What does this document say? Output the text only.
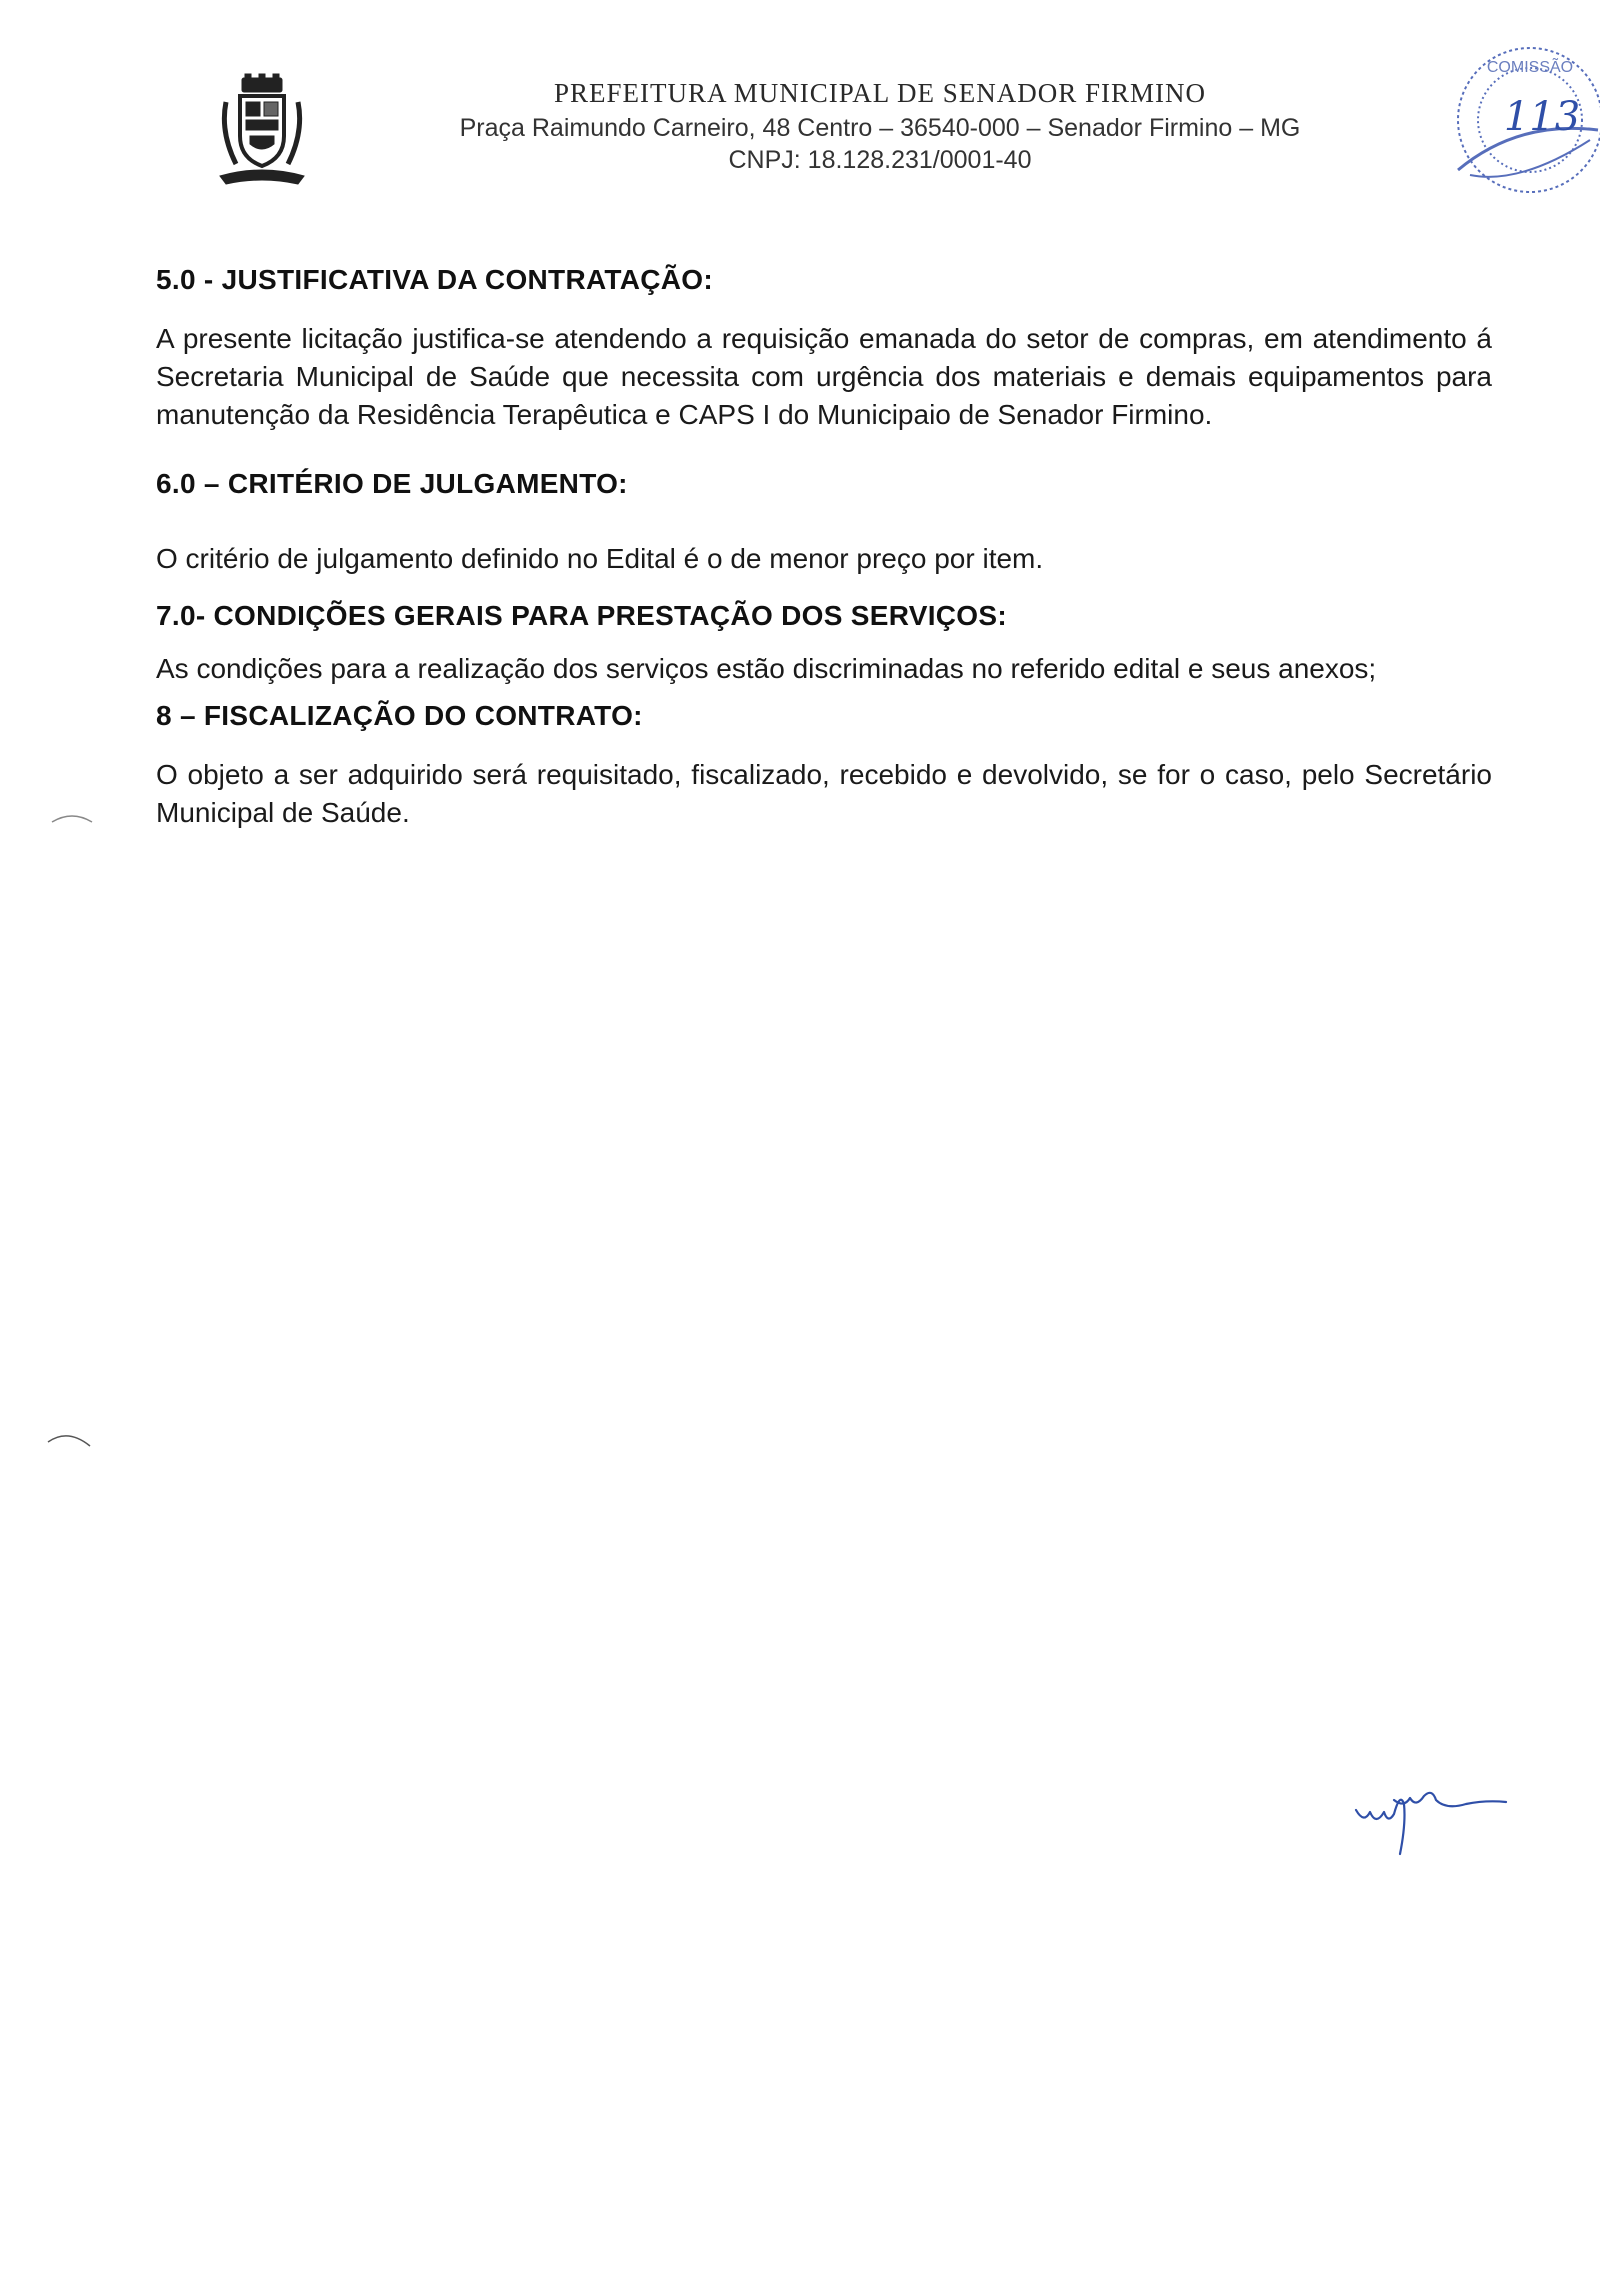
PREFEITURA MUNICIPAL DE SENADOR FIRMINO
Praça Raimundo Carneiro, 48 Centro – 36540-000 – Senador Firmino – MG
CNPJ: 18.128.231/0001-40
COMISSÃO
113

5.0 - JUSTIFICATIVA DA CONTRATAÇÃO:

A presente licitação justifica-se atendendo a requisição emanada do setor de compras, em atendimento á Secretaria Municipal de Saúde que necessita com urgência dos materiais e demais equipamentos para manutenção da Residência Terapêutica e CAPS I do Municipaio de Senador Firmino.

6.0 – CRITÉRIO DE JULGAMENTO:

O critério de julgamento definido no Edital é o de menor preço por item.

7.0- CONDIÇÕES GERAIS PARA PRESTAÇÃO DOS SERVIÇOS:

As condições para a realização dos serviços estão discriminadas no referido edital e seus anexos;

8 – FISCALIZAÇÃO DO CONTRATO:

O objeto a ser adquirido será requisitado, fiscalizado, recebido e devolvido, se for o caso, pelo Secretário Municipal de Saúde.
